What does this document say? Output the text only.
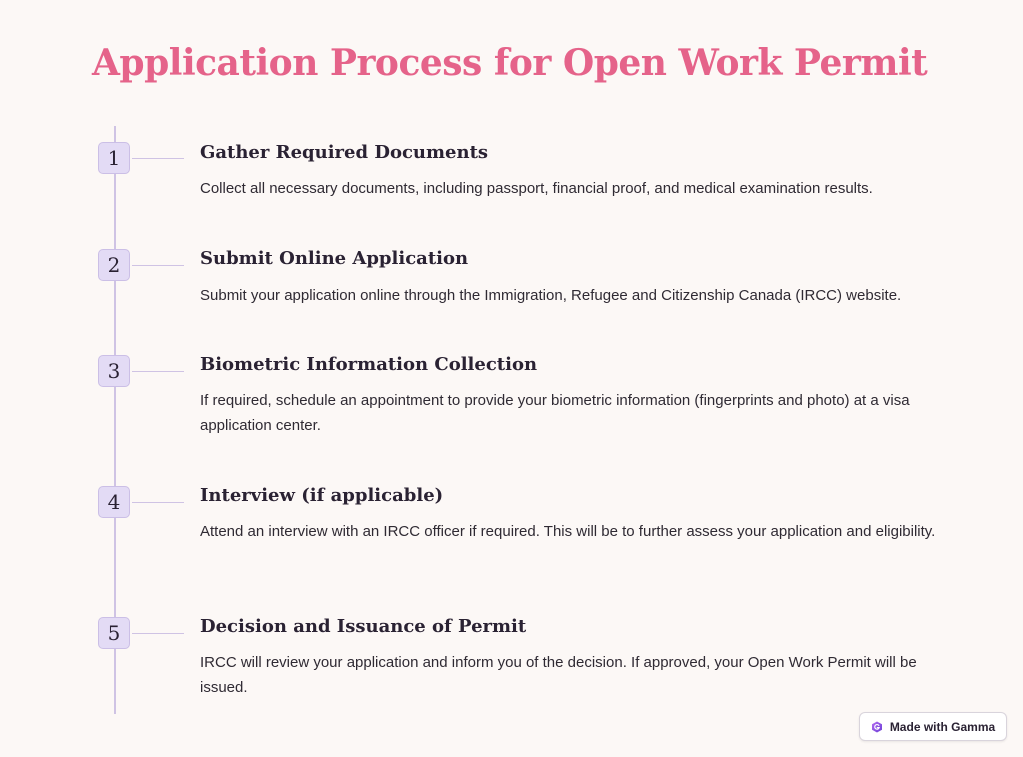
Application Process for Open Work Permit
1	Gather Required Documents
Collect all necessary documents, including passport, financial proof, and medical examination results.
2	Submit Online Application
Submit your application online through the Immigration, Refugee and Citizenship Canada (IRCC) website.
3	Biometric Information Collection
If required, schedule an appointment to provide your biometric information (fingerprints and photo) at a visa application center.
4	Interview (if applicable)
Attend an interview with an IRCC officer if required. This will be to further assess your application and eligibility.
5	Decision and Issuance of Permit
IRCC will review your application and inform you of the decision. If approved, your Open Work Permit will be issued.
Made with Gamma
